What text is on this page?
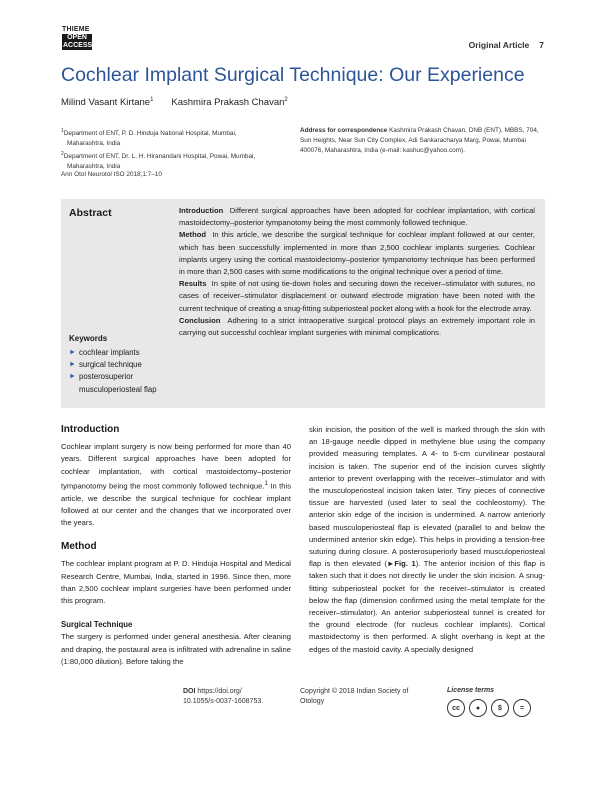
THIEME
OPEN
ACCESS	Original Article 7
Cochlear Implant Surgical Technique: Our Experience
Milind Vasant Kirtane$^1$ Kashmira Prakash Chavan$^2$

$^1$Department of ENT, P. D. Hinduja National Hospital, Mumbai,

Maharashtra, India

$^2$Department of ENT, Dr. L. H. Hiranandani Hospital, Powai, Mumbai,

Maharashtra, India

Address for correspondence Kashmira Prakash Chavan, DNB (ENT), MBBS, 704, Sun Heights, Near Sun City Complex, Adi Sankaracharya Marg, Powai, Mumbai 400076, Maharashtra, India (e-mail: kashuc@yahoo.com).
Ann Otol Neurotol ISO 2018;1:7–10
Abstract	Introduction Different surgical approaches have been adopted for cochlear implantation, with cortical mastoidectomy–posterior tympanotomy being the most commonly followed technique.

Method In this article, we describe the surgical technique for cochlear implant followed at our center, which has been successfully implemented in more than 2,500 cochlear implants surgeries. Cochlear implants urgery using the cortical mastoidectomy–posterior tympanotomy technique has been performed in more than 2,500 cases with some modifications to the original technique over a period of time.

Results In spite of not using tie-down holes and securing down the receiver–stimulator with sutures, no cases of receiver–stimulator displacement or outward electrode migration have been noted with the current technique of creating a snug-fitting subperiosteal pocket along with a hook for the electrode array.

Conclusion Adhering to a strict intraoperative surgical protocol plays an extremely important role in carrying out successful cochlear implant surgeries with minimal complications.

Keywords
► cochlear implants
► surgical technique
► posterosuperior musculoperiosteal flap
Introduction

Cochlear implant surgery is now being performed for more than 40 years. Different surgical approaches have been adopted for cochlear implantation, with cortical mastoidectomy–posterior tympanotomy being the most commonly followed technique.$^1$ In this article, we describe the surgical technique for cochlear implant followed at our center and the changes that we incorporated over the years.

Method

The cochlear implant program at P. D. Hinduja Hospital and Medical Research Centre, Mumbai, India, started in 1996. Since then, more than 2,500 cochlear implant surgeries have been performed under this program.

Surgical Technique

The surgery is performed under general anesthesia. After cleaning and draping, the postaural area is infiltrated with adrenaline in saline (1:80,000 dilution). Before taking the

skin incision, the position of the well is marked through the skin with an 18-gauge needle dipped in methylene blue using the company provided measuring templates. A 4- to 5-cm curvilinear postaural incision is taken. The superior end of the incision curves slightly anterior to prevent overlapping with the receiver–stimulator and with the musculoperiosteal incision taken later. Tiny pieces of connective tissue are harvested (used later to seal the cochleostomy). The anterior skin edge of the incision is undermined. A narrow anteriorly based musculoperiosteal flap is elevated (parallel to and below the undermined anterior skin edge). This helps in providing a tension-free suturing during closure. A posterosuperiorly based musculoperiosteal flap is then elevated (►Fig. 1). The anterior incision of this flap is taken such that it does not directly lie under the skin incision. A snug-fitting subperiosteal pocket for the receiver–stimulator is created below the flap (dimension confirmed using the metal template for the receiver–stimulator). An anterior subperiosteal tunnel is created for the ground electrode (for nucleus cochlear implants). Cortical mastoidectomy is then performed. A slight overhang is kept at the edges of the mastoid cavity. A specially designed

DOI https://doi.org/
10.1055/s-0037-1608753.
Copyright © 2018 Indian Society of Otology
License terms
cc	●	$	=
